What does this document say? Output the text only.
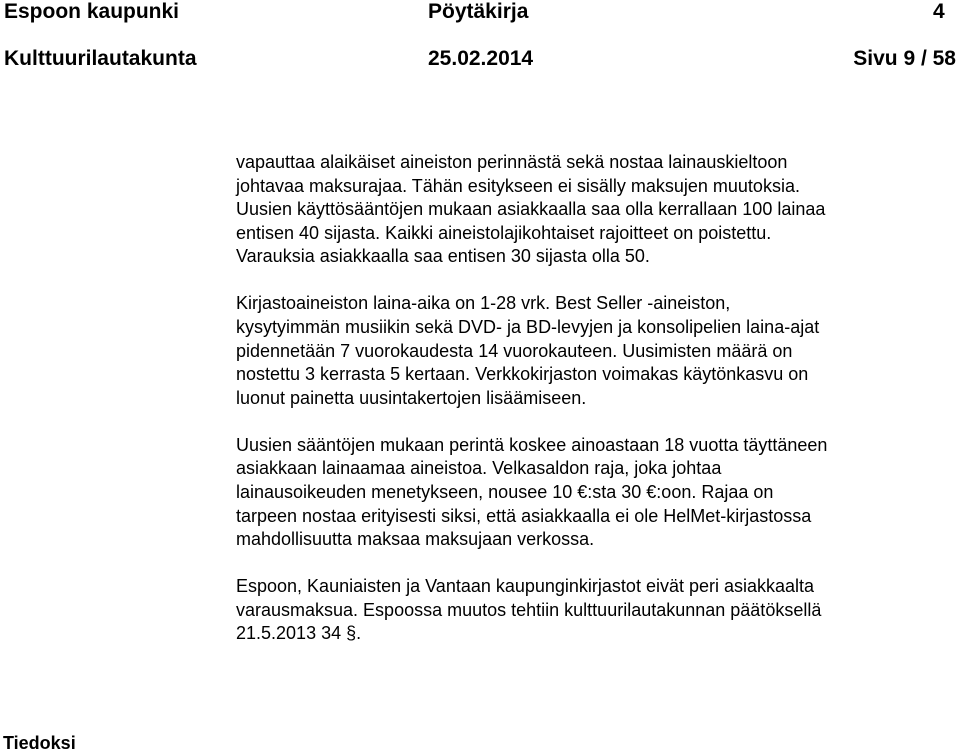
Espoon kaupunki	Pöytäkirja	4
Kulttuurilautakunta	25.02.2014	Sivu 9 / 58

vapauttaa alaikäiset aineiston perinnästä sekä nostaa lainauskieltoon
johtavaa maksurajaa. Tähän esitykseen ei sisälly maksujen muutoksia.
Uusien käyttösääntöjen mukaan asiakkaalla saa olla kerrallaan 100 lainaa
entisen 40 sijasta. Kaikki aineistolajikohtaiset rajoitteet on poistettu.
Varauksia asiakkaalla saa entisen 30 sijasta olla 50.

Kirjastoaineiston laina-aika on 1-28 vrk. Best Seller -aineiston,
kysytyimmän musiikin sekä DVD- ja BD-levyjen ja konsolipelien laina-ajat
pidennetään 7 vuorokaudesta 14 vuorokauteen. Uusimisten määrä on
nostettu 3 kerrasta 5 kertaan. Verkkokirjaston voimakas käytönkasvu on
luonut painetta uusintakertojen lisäämiseen.

Uusien sääntöjen mukaan perintä koskee ainoastaan 18 vuotta täyttäneen
asiakkaan lainaamaa aineistoa. Velkasaldon raja, joka johtaa
lainausoikeuden menetykseen, nousee 10 €:sta 30 €:oon. Rajaa on
tarpeen nostaa erityisesti siksi, että asiakkaalla ei ole HelMet-kirjastossa
mahdollisuutta maksaa maksujaan verkossa.

Espoon, Kauniaisten ja Vantaan kaupunginkirjastot eivät peri asiakkaalta
varausmaksua. Espoossa muutos tehtiin kulttuurilautakunnan päätöksellä
21.5.2013 34 §.

Tiedoksi
